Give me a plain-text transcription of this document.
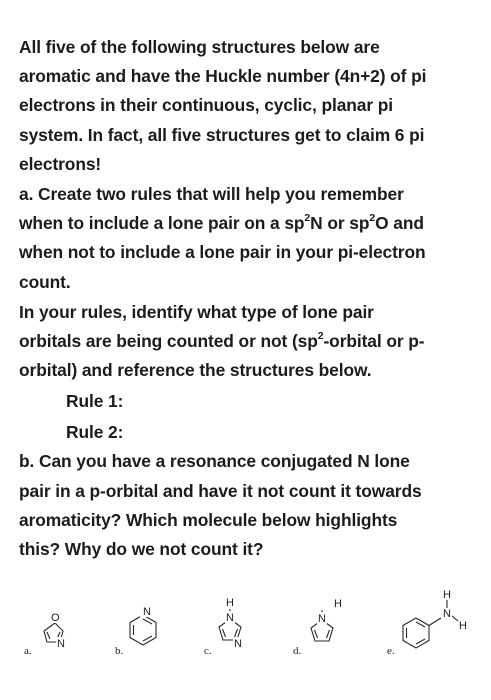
All five of the following structures below are
aromatic and have the Huckle number (4n+2) of pi
electrons in their continuous, cyclic, planar pi
system. In fact, all five structures get to claim 6 pi
electrons!
a. Create two rules that will help you remember
when to include a lone pair on a $sp^2N$ or $sp^2O$ and
when not to include a lone pair in your pi-electron
count.
In your rules, identify what type of lone pair
orbitals are being counted or not ($sp^2$-orbital or p-
orbital) and reference the structures below.
Rule 1:
Rule 2:
b. Can you have a resonance conjugated N lone
pair in a p-orbital and have it not count it towards
aromaticity? Which molecule below highlights
this? Why do we not count it?
a.
O
N
b.
N
c.
N
H
N
d.
N
H
e.
H
N
H
